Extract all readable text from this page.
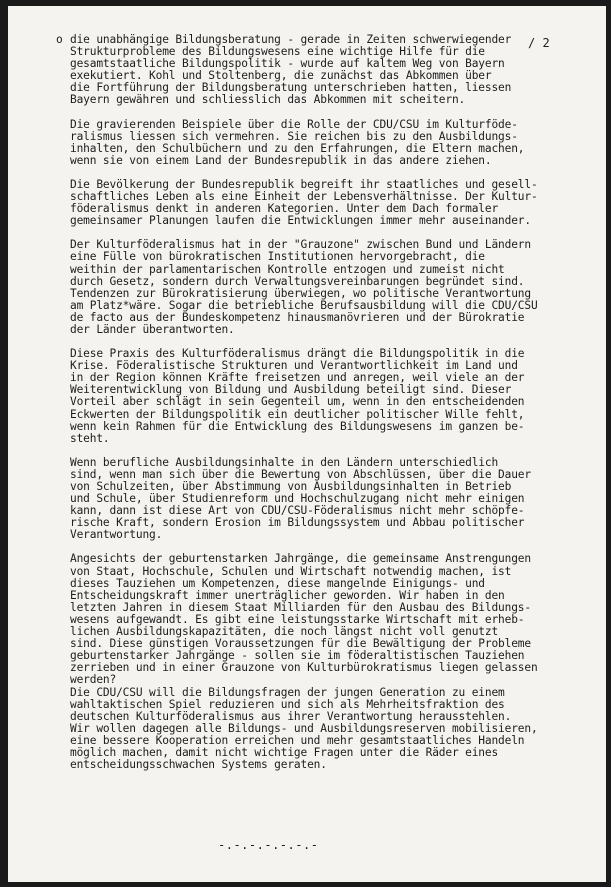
/ 2
o die unabhängige Bildungsberatung - gerade in Zeiten schwerwiegender
Strukturprobleme des Bildungswesens eine wichtige Hilfe für die
gesamtstaatliche Bildungspolitik - wurde auf kaltem Weg von Bayern
exekutiert. Kohl und Stoltenberg, die zunächst das Abkommen über
die Fortführung der Bildungsberatung unterschrieben hatten, liessen
Bayern gewähren und schliesslich das Abkommen mit scheitern.
Die gravierenden Beispiele über die Rolle der CDU/CSU im Kulturföde-
ralismus liessen sich vermehren. Sie reichen bis zu den Ausbildungs-
inhalten, den Schulbüchern und zu den Erfahrungen, die Eltern machen,
wenn sie von einem Land der Bundesrepublik in das andere ziehen.
Die Bevölkerung der Bundesrepublik begreift ihr staatliches und gesell-
schaftliches Leben als eine Einheit der Lebensverhältnisse. Der Kultur-
föderalismus denkt in anderen Kategorien. Unter dem Dach formaler
gemeinsamer Planungen laufen die Entwicklungen immer mehr auseinander.
Der Kulturföderalismus hat in der "Grauzone" zwischen Bund und Ländern
eine Fülle von bürokratischen Institutionen hervorgebracht, die
weithin der parlamentarischen Kontrolle entzogen und zumeist nicht
durch Gesetz, sondern durch Verwaltungsvereinbarungen begründet sind.
Tendenzen zur Bürokratisierung überwiegen, wo politische Verantwortung
am Platz*wäre. Sogar die betriebliche Berufsausbildung will die CDU/CSU
de facto aus der Bundeskompetenz hinausmanövrieren und der Bürokratie
der Länder überantworten.
Diese Praxis des Kulturföderalismus drängt die Bildungspolitik in die
Krise. Föderalistische Strukturen und Verantwortlichkeit im Land und
in der Region können Kräfte freisetzen und anregen, weil viele an der
Weiterentwicklung von Bildung und Ausbildung beteiligt sind. Dieser
Vorteil aber schlägt in sein Gegenteil um, wenn in den entscheidenden
Eckwerten der Bildungspolitik ein deutlicher politischer Wille fehlt,
wenn kein Rahmen für die Entwicklung des Bildungswesens im ganzen be-
steht.
Wenn berufliche Ausbildungsinhalte in den Ländern unterschiedlich
sind, wenn man sich über die Bewertung von Abschlüssen, über die Dauer
von Schulzeiten, über Abstimmung von Ausbildungsinhalten in Betrieb
und Schule, über Studienreform und Hochschulzugang nicht mehr einigen
kann, dann ist diese Art von CDU/CSU-Föderalismus nicht mehr schöpfe-
rische Kraft, sondern Erosion im Bildungssystem und Abbau politischer
Verantwortung.
Angesichts der geburtenstarken Jahrgänge, die gemeinsame Anstrengungen
von Staat, Hochschule, Schulen und Wirtschaft notwendig machen, ist
dieses Tauziehen um Kompetenzen, diese mangelnde Einigungs- und
Entscheidungskraft immer unerträglicher geworden. Wir haben in den
letzten Jahren in diesem Staat Milliarden für den Ausbau des Bildungs-
wesens aufgewandt. Es gibt eine leistungsstarke Wirtschaft mit erheb-
lichen Ausbildungskapazitäten, die noch längst nicht voll genutzt
sind. Diese günstigen Voraussetzungen für die Bewältigung der Probleme
geburtenstarker Jahrgänge - sollen sie im föderaltistischen Tauziehen
zerrieben und in einer Grauzone von Kulturbürokratismus liegen gelassen
werden?
Die CDU/CSU will die Bildungsfragen der jungen Generation zu einem
wahltaktischen Spiel reduzieren und sich als Mehrheitsfraktion des
deutschen Kulturföderalismus aus ihrer Verantwortung herausstehlen.
Wir wollen dagegen alle Bildungs- und Ausbildungsreserven mobilisieren,
eine bessere Kooperation erreichen und mehr gesamtstaatliches Handeln
möglich machen, damit nicht wichtige Fragen unter die Räder eines
entscheidungsschwachen Systems geraten.
-.-.-.-.-.-.-
